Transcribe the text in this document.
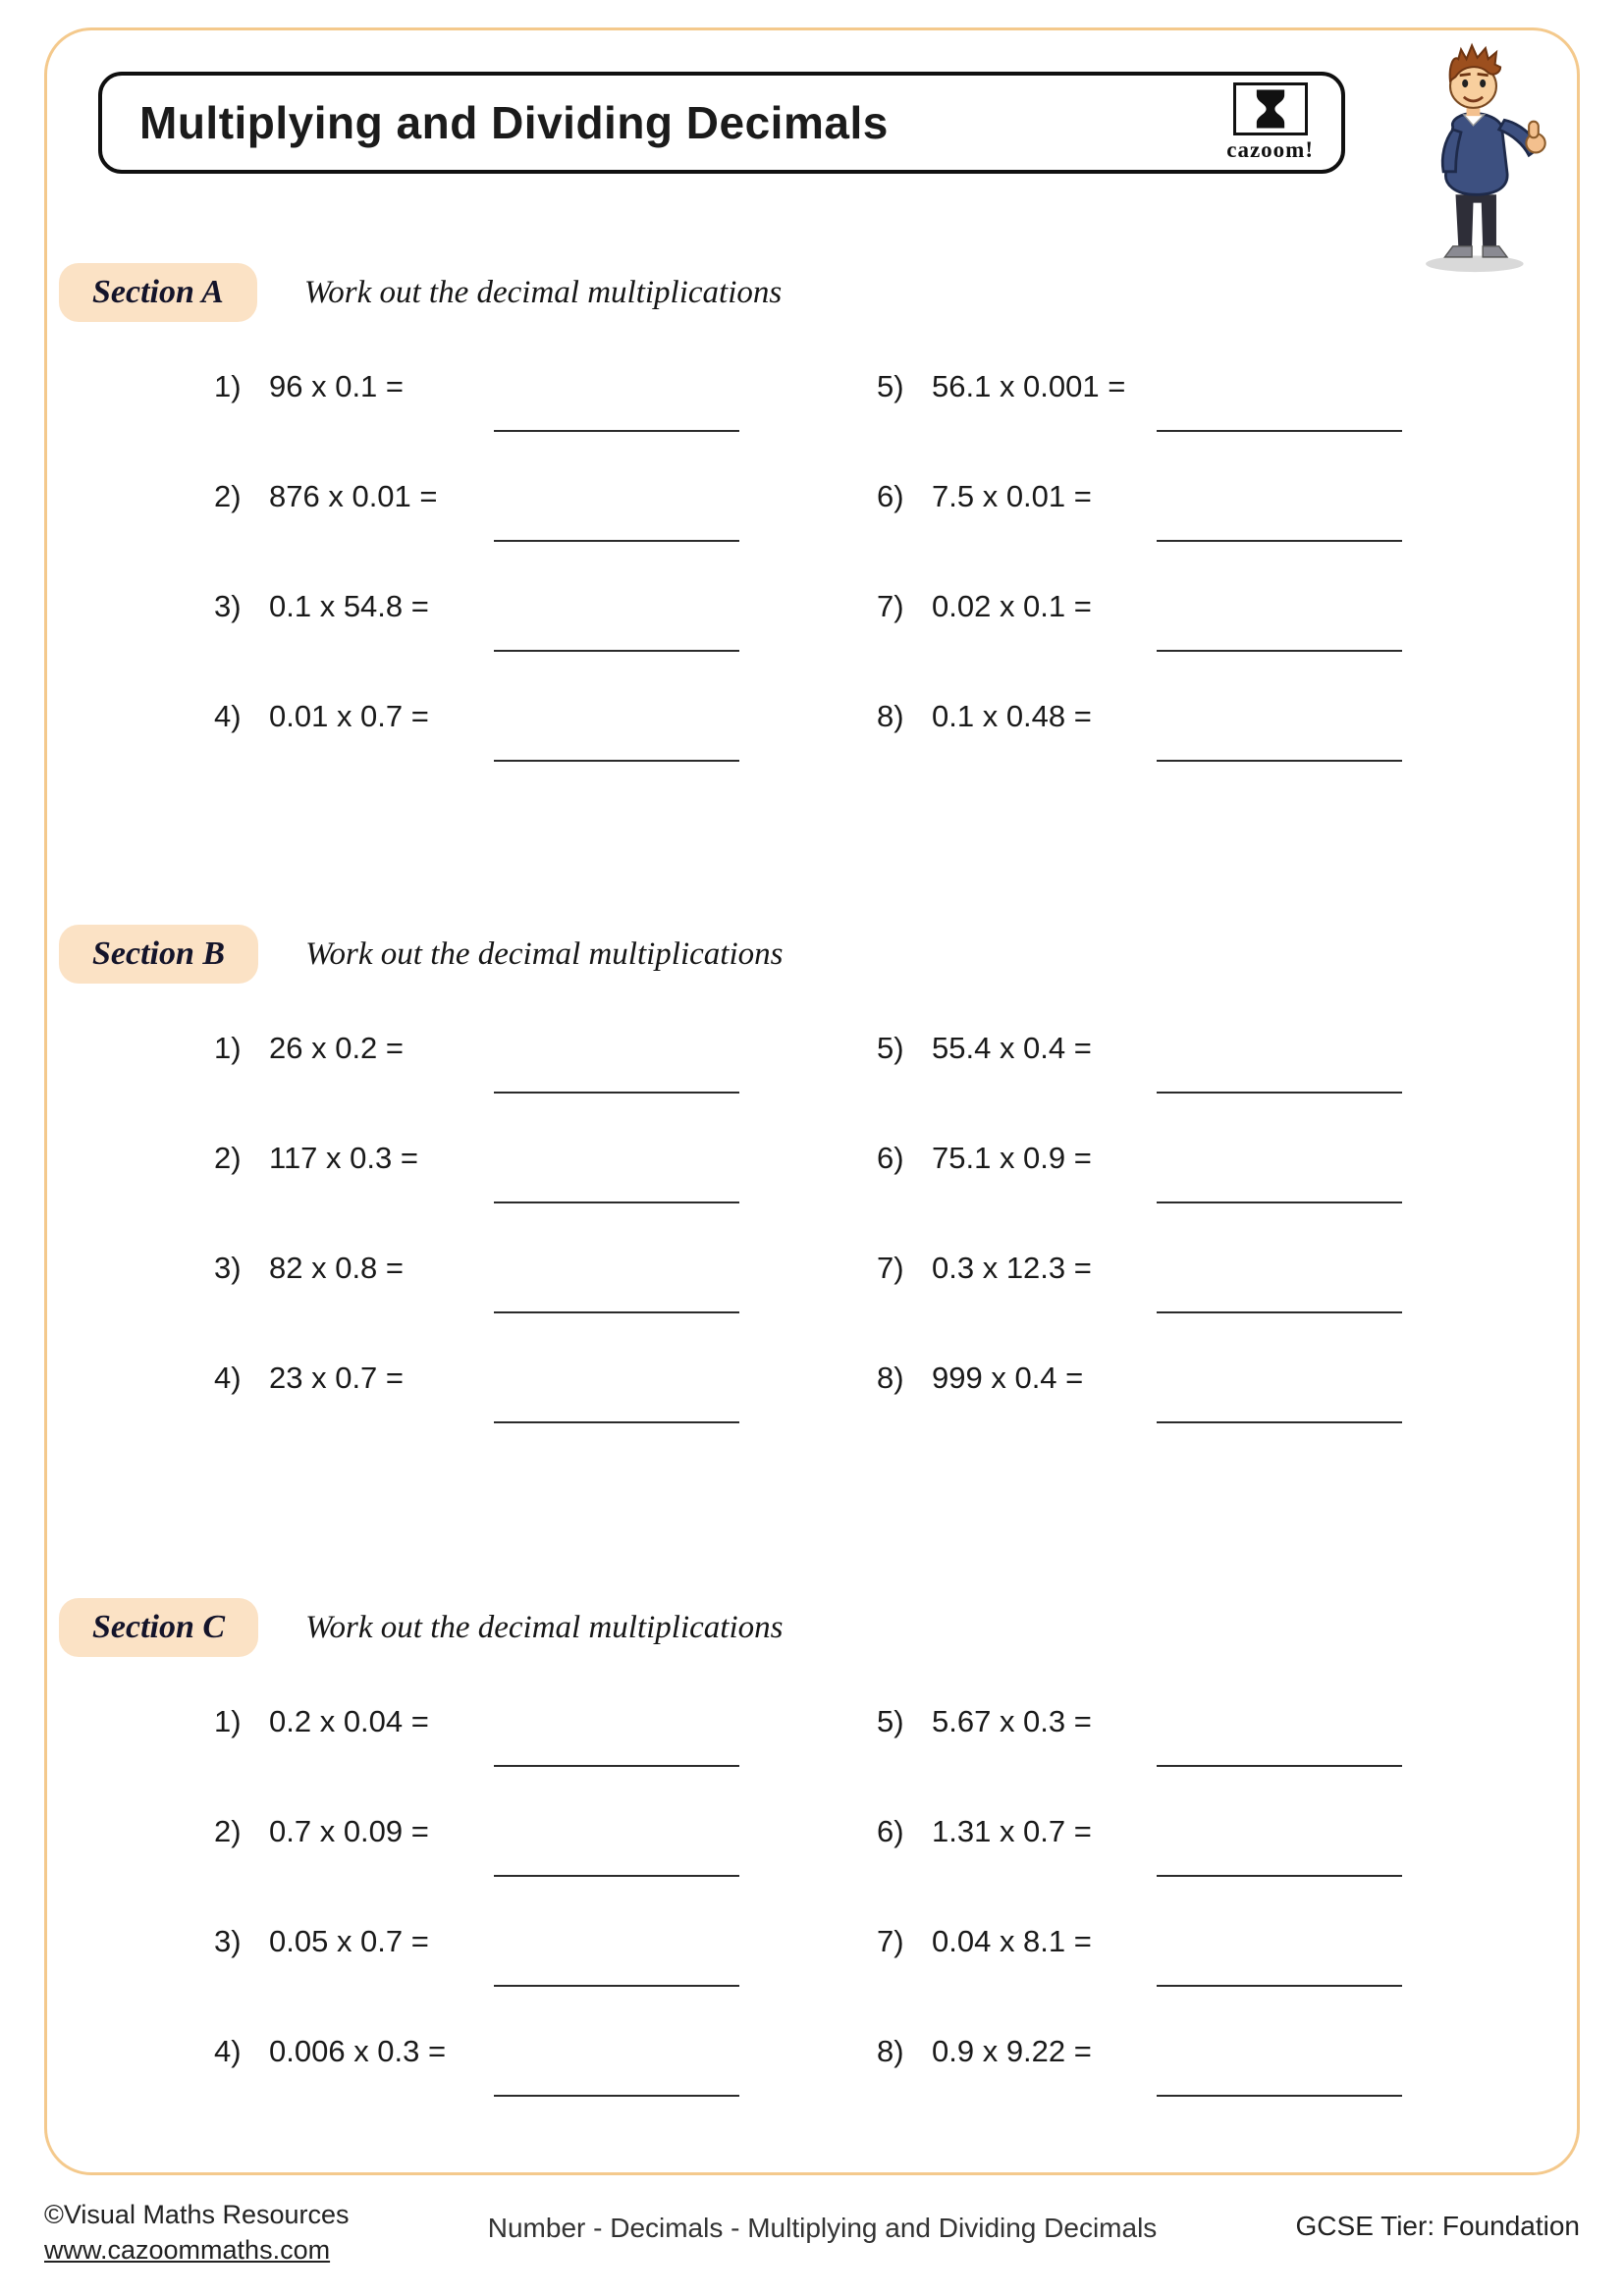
Multiplying and Dividing Decimals
cazoom!
Section A	Work out the decimal multiplications
1) 96 x 0.1 =
2) 876 x 0.01 =
3) 0.1 x 54.8 =
4) 0.01 x 0.7 =
5) 56.1 x 0.001 =
6) 7.5 x 0.01 =
7) 0.02 x 0.1 =
8) 0.1 x 0.48 =
Section B	Work out the decimal multiplications
1) 26 x 0.2 =
2) 117 x 0.3 =
3) 82 x 0.8 =
4) 23 x 0.7 =
5) 55.4 x 0.4 =
6) 75.1 x 0.9 =
7) 0.3 x 12.3 =
8) 999 x 0.4 =
Section C	Work out the decimal multiplications
1) 0.2 x 0.04 =
2) 0.7 x 0.09 =
3) 0.05 x 0.7 =
4) 0.006 x 0.3 =
5) 5.67 x 0.3 =
6) 1.31 x 0.7 =
7) 0.04 x 8.1 =
8) 0.9 x 9.22 =
©Visual Maths Resources
www.cazoommaths.com
Number - Decimals - Multiplying and Dividing Decimals	GCSE Tier: Foundation
